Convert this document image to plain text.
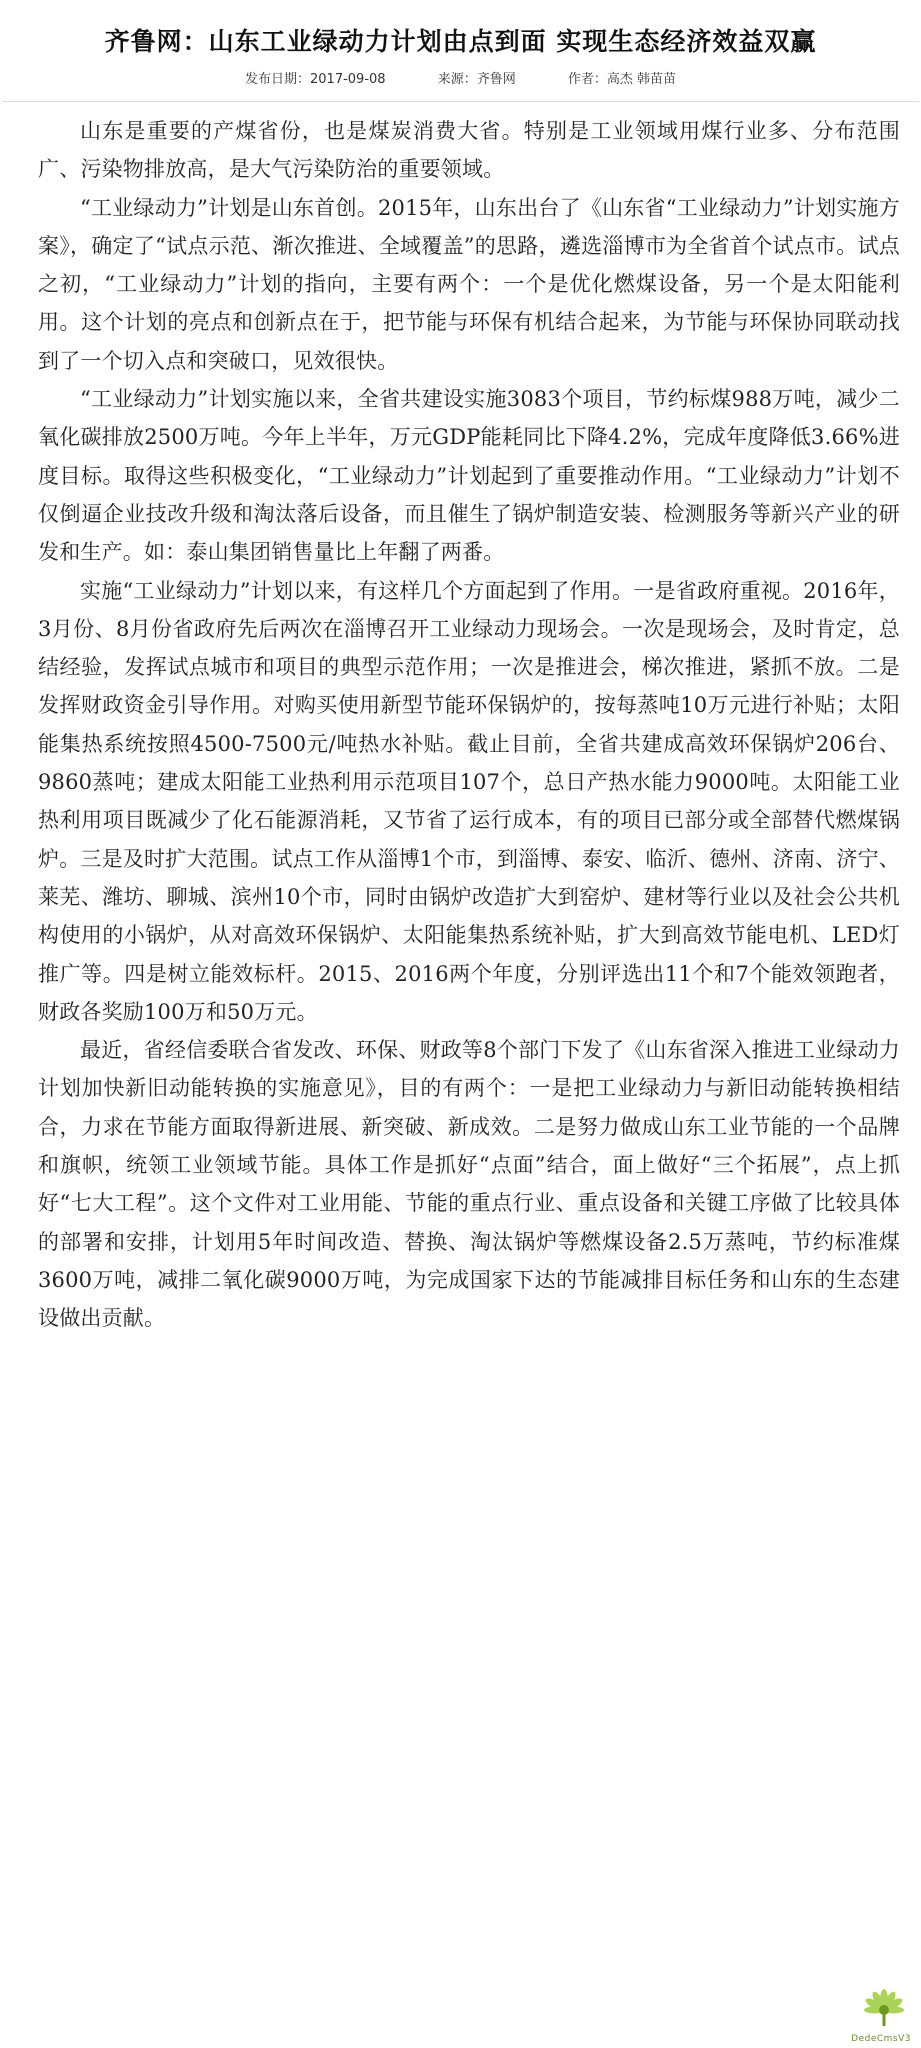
齐鲁网：山东工业绿动力计划由点到面 实现生态经济效益双赢
发布日期：2017-09-08	来源：齐鲁网	作者：高杰 韩苗苗

山东是重要的产煤省份，也是煤炭消费大省。特别是工业领域用煤行业多、分布范围广、污染物排放高，是大气污染防治的重要领域。

“工业绿动力”计划是山东首创。2015年，山东出台了《山东省“工业绿动力”计划实施方案》，确定了“试点示范、渐次推进、全域覆盖”的思路，遴选淄博市为全省首个试点市。试点之初，“工业绿动力”计划的指向，主要有两个：一个是优化燃煤设备，另一个是太阳能利用。这个计划的亮点和创新点在于，把节能与环保有机结合起来，为节能与环保协同联动找到了一个切入点和突破口，见效很快。

“工业绿动力”计划实施以来，全省共建设实施3083个项目，节约标煤988万吨，减少二氧化碳排放2500万吨。今年上半年，万元GDP能耗同比下降4.2%，完成年度降低3.66%进度目标。取得这些积极变化，“工业绿动力”计划起到了重要推动作用。“工业绿动力”计划不仅倒逼企业技改升级和淘汰落后设备，而且催生了锅炉制造安装、检测服务等新兴产业的研发和生产。如：泰山集团销售量比上年翻了两番。

实施“工业绿动力”计划以来，有这样几个方面起到了作用。一是省政府重视。2016年，3月份、8月份省政府先后两次在淄博召开工业绿动力现场会。一次是现场会，及时肯定，总结经验，发挥试点城市和项目的典型示范作用；一次是推进会，梯次推进，紧抓不放。二是发挥财政资金引导作用。对购买使用新型节能环保锅炉的，按每蒸吨10万元进行补贴；太阳能集热系统按照4500-7500元/吨热水补贴。截止目前，全省共建成高效环保锅炉206台、9860蒸吨；建成太阳能工业热利用示范项目107个，总日产热水能力9000吨。太阳能工业热利用项目既减少了化石能源消耗，又节省了运行成本，有的项目已部分或全部替代燃煤锅炉。三是及时扩大范围。试点工作从淄博1个市，到淄博、泰安、临沂、德州、济南、济宁、莱芜、潍坊、聊城、滨州10个市，同时由锅炉改造扩大到窑炉、建材等行业以及社会公共机构使用的小锅炉，从对高效环保锅炉、太阳能集热系统补贴，扩大到高效节能电机、LED灯推广等。四是树立能效标杆。2015、2016两个年度，分别评选出11个和7个能效领跑者，财政各奖励100万和50万元。

最近，省经信委联合省发改、环保、财政等8个部门下发了《山东省深入推进工业绿动力计划加快新旧动能转换的实施意见》，目的有两个：一是把工业绿动力与新旧动能转换相结合，力求在节能方面取得新进展、新突破、新成效。二是努力做成山东工业节能的一个品牌和旗帜，统领工业领域节能。具体工作是抓好“点面”结合，面上做好“三个拓展”，点上抓好“七大工程”。这个文件对工业用能、节能的重点行业、重点设备和关键工序做了比较具体的部署和安排，计划用5年时间改造、替换、淘汰锅炉等燃煤设备2.5万蒸吨，节约标准煤3600万吨，减排二氧化碳9000万吨，为完成国家下达的节能减排目标任务和山东的生态建设做出贡献。

DedeCmsV3
